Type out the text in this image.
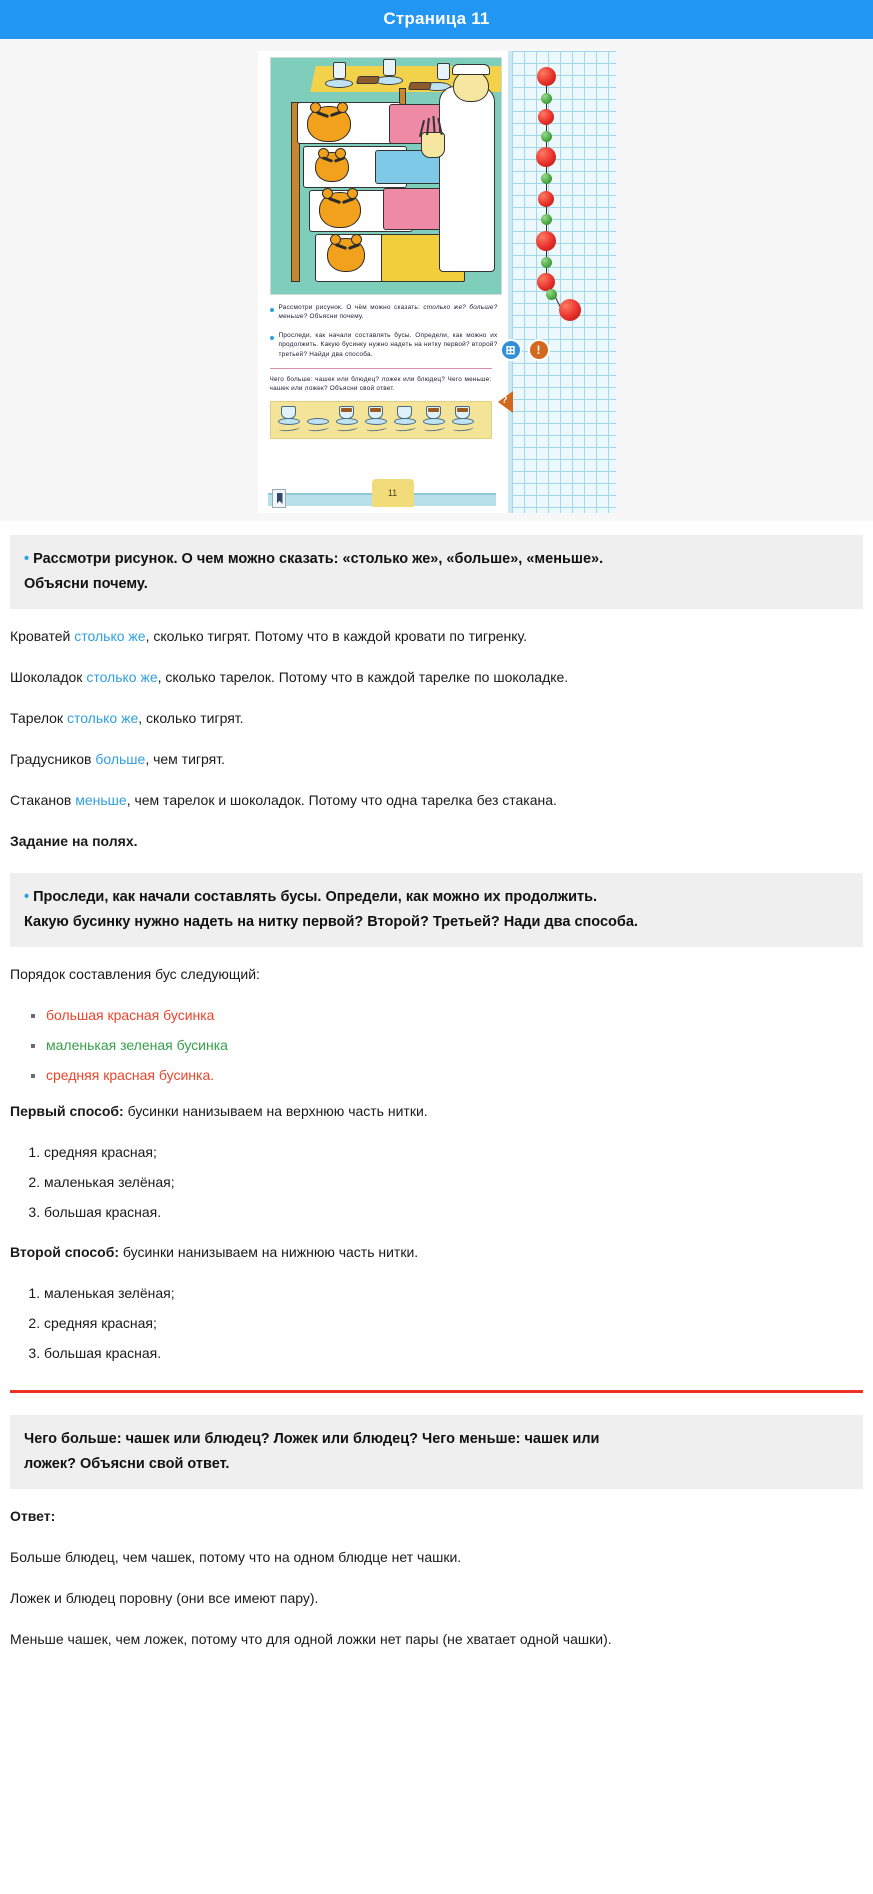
Страница 11

Рассмотри рисунок. О чём можно сказать: столько же? больше? меньше? Объясни почему.

Проследи, как начали составлять бусы. Определи, как можно их продолжить. Какую бусинку нужно надеть на нитку первой? второй? третьей? Найди два способа.

Чего больше: чашек или блюдец? ложек или блюдец? Чего меньше: чашек или ложек? Объясни свой ответ.
11
⊞ !
?
• Рассмотри рисунок. О чем можно сказать: «столько же», «больше», «меньше».
Объясни почему.

Кроватей столько же, сколько тигрят. Потому что в каждой кровати по тигренку.

Шоколадок столько же, сколько тарелок. Потому что в каждой тарелке по шоколадке.

Тарелок столько же, сколько тигрят.

Градусников больше, чем тигрят.

Стаканов меньше, чем тарелок и шоколадок. Потому что одна тарелка без стакана.

Задание на полях.

• Проследи, как начали составлять бусы. Определи, как можно их продолжить.
Какую бусинку нужно надеть на нитку первой? Второй? Третьей? Нади два способа.

Порядок составления бус следующий:

▪ большая красная бусинка
▪ маленькая зеленая бусинка
▪ средняя красная бусинка.

Первый способ: бусинки нанизываем на верхнюю часть нитки.

1. средняя красная;
2. маленькая зелёная;
3. большая красная.

Второй способ: бусинки нанизываем на нижнюю часть нитки.

1. маленькая зелёная;
2. средняя красная;
3. большая красная.
Чего больше: чашек или блюдец? Ложек или блюдец? Чего меньше: чашек или
ложек? Объясни свой ответ.

Ответ:

Больше блюдец, чем чашек, потому что на одном блюдце нет чашки.

Ложек и блюдец поровну (они все имеют пару).

Меньше чашек, чем ложек, потому что для одной ложки нет пары (не хватает одной чашки).
